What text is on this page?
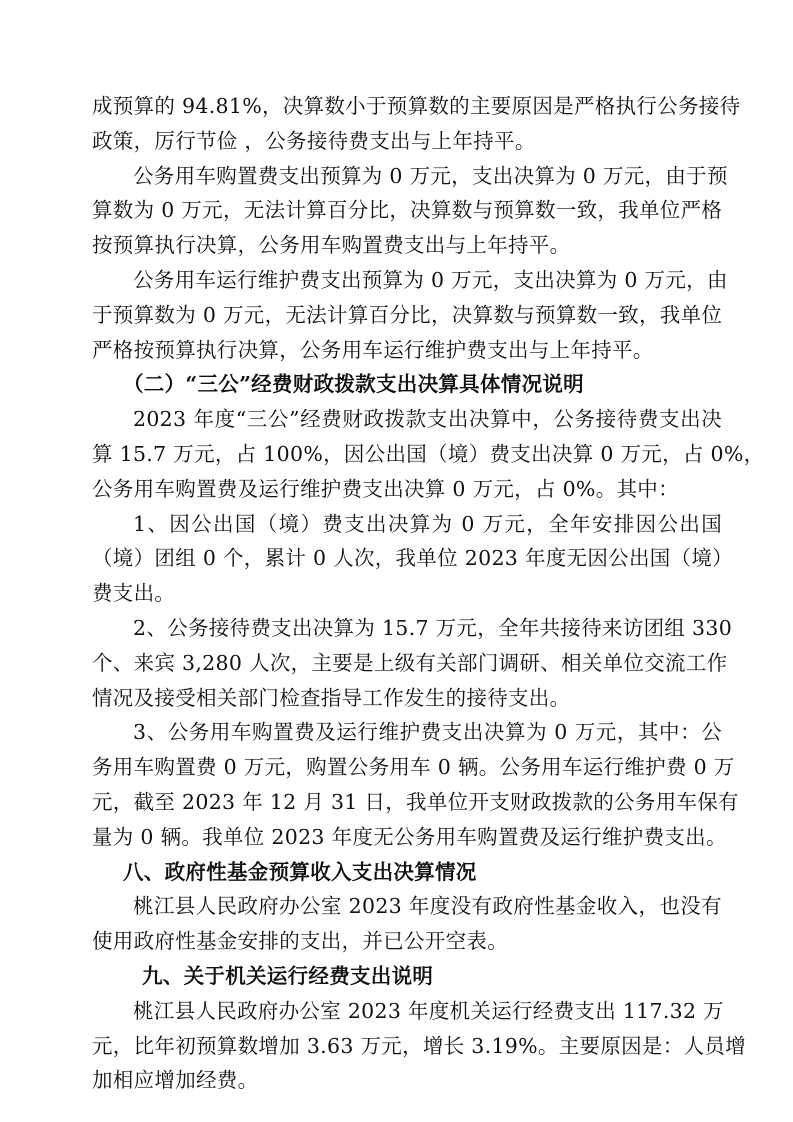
成预算的 94.81%，决算数小于预算数的主要原因是严格执行公务接待
政策，厉行节俭 ，公务接待费支出与上年持平。
公务用车购置费支出预算为 0 万元，支出决算为 0 万元，由于预
算数为 0 万元，无法计算百分比，决算数与预算数一致，我单位严格
按预算执行决算，公务用车购置费支出与上年持平。
公务用车运行维护费支出预算为 0 万元，支出决算为 0 万元，由
于预算数为 0 万元，无法计算百分比，决算数与预算数一致，我单位
严格按预算执行决算，公务用车运行维护费支出与上年持平。
（二）“三公”经费财政拨款支出决算具体情况说明
2023 年度“三公”经费财政拨款支出决算中，公务接待费支出决
算 15.7 万元，占 100%，因公出国（境）费支出决算 0 万元，占 0%，
公务用车购置费及运行维护费支出决算 0 万元，占 0%。其中：
1、因公出国（境）费支出决算为 0 万元，全年安排因公出国
（境）团组 0 个，累计 0 人次，我单位 2023 年度无因公出国（境）
费支出。
2、公务接待费支出决算为 15.7 万元，全年共接待来访团组 330
个、来宾 3,280 人次，主要是上级有关部门调研、相关单位交流工作
情况及接受相关部门检查指导工作发生的接待支出。
3、公务用车购置费及运行维护费支出决算为 0 万元，其中：公
务用车购置费 0 万元，购置公务用车 0 辆。公务用车运行维护费 0 万
元，截至 2023 年 12 月 31 日，我单位开支财政拨款的公务用车保有
量为 0 辆。我单位 2023 年度无公务用车购置费及运行维护费支出。
八、政府性基金预算收入支出决算情况
桃江县人民政府办公室 2023 年度没有政府性基金收入，也没有
使用政府性基金安排的支出，并已公开空表。
九、关于机关运行经费支出说明
桃江县人民政府办公室 2023 年度机关运行经费支出 117.32 万
元，比年初预算数增加 3.63 万元，增长 3.19%。主要原因是：人员增
加相应增加经费。
